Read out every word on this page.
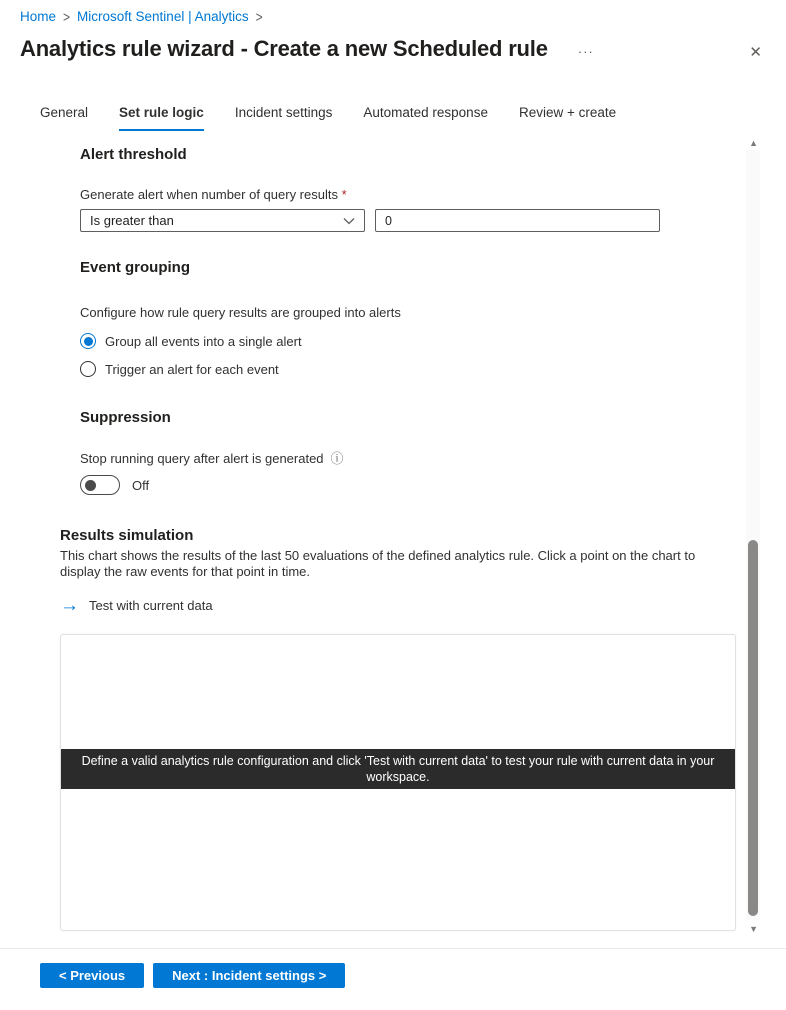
Home > Microsoft Sentinel | Analytics >
Analytics rule wizard - Create a new Scheduled rule ···	✕
General Set rule logic Incident settings Automated response Review + create
Alert threshold
Generate alert when number of query results *
Is greater than
0
Event grouping
Configure how rule query results are grouped into alerts
Group all events into a single alert
Trigger an alert for each event
Suppression
Stop running query after alert is generated ⓘ
Off
Results simulation
This chart shows the results of the last 50 evaluations of the defined analytics rule. Click a point on the chart to display the raw events for that point in time.
→ Test with current data
Define a valid analytics rule configuration and click 'Test with current data' to test your rule with current data in your workspace.
▲
▼
< Previous	Next : Incident settings >
